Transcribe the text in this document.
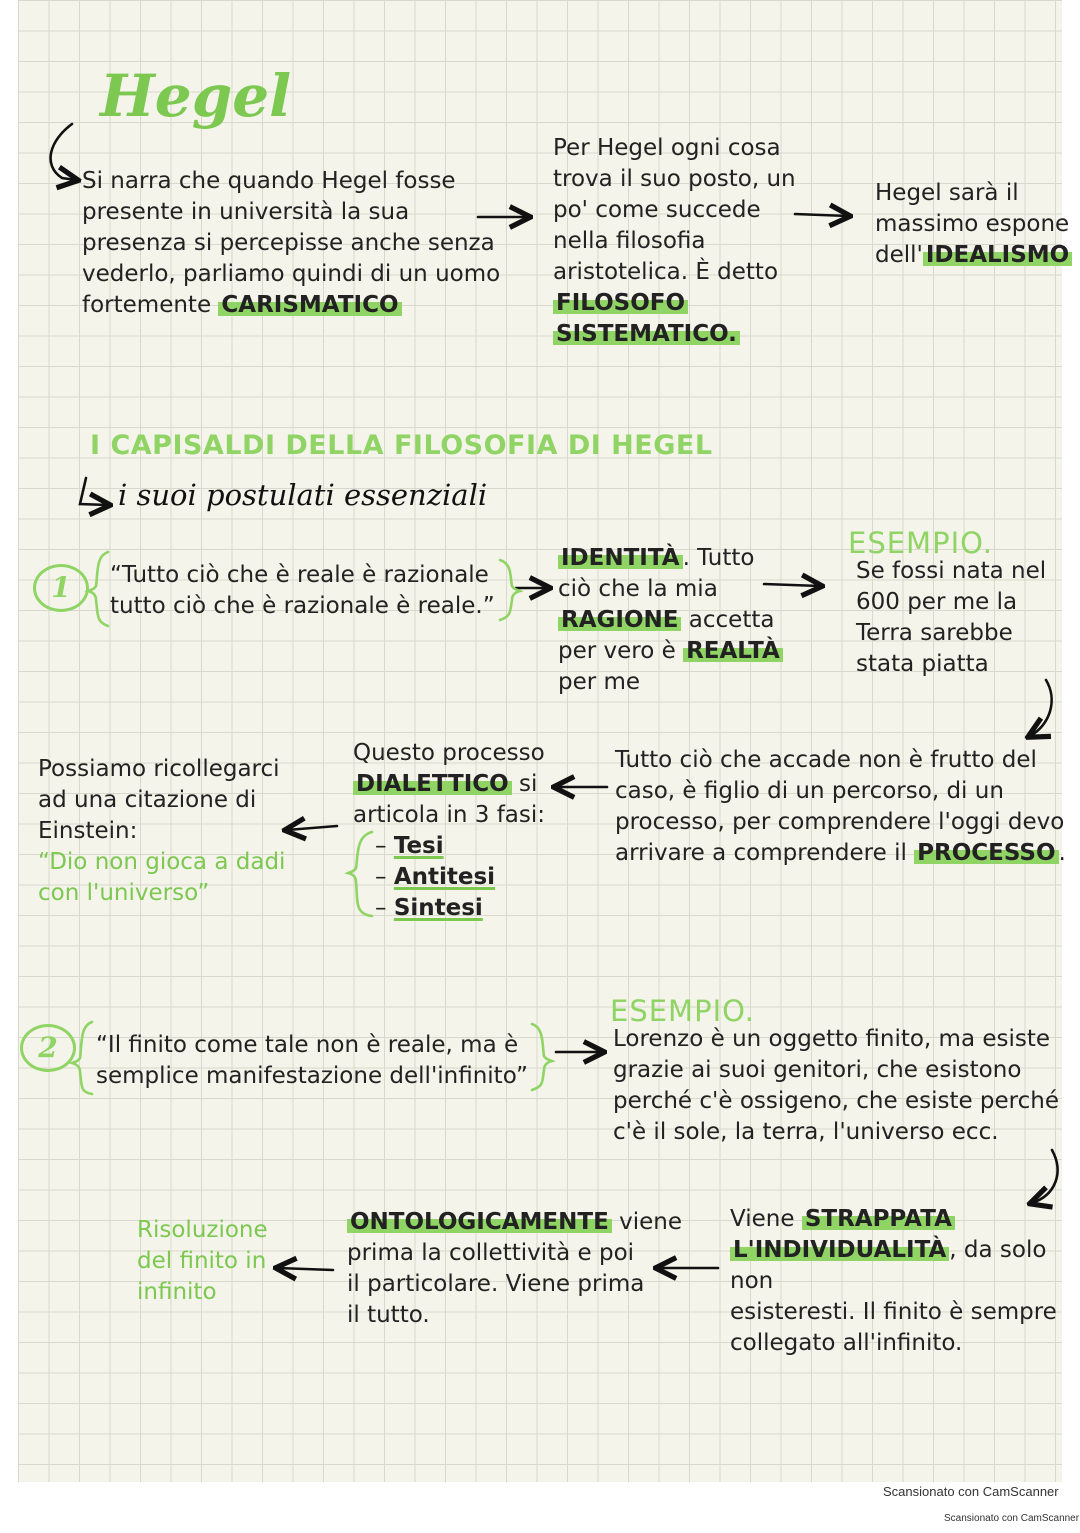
Hegel
Si narra che quando Hegel fosse
presente in università la sua
presenza si percepisse anche senza
vederlo, parliamo quindi di un uomo
fortemente CARISMATICO
Per Hegel ogni cosa
trova il suo posto, un
po' come succede
nella filosofia
aristotelica. È detto
FILOSOFO
SISTEMATICO.
Hegel sarà il
massimo espone
dell' IDEALISMO
I CAPISALDI DELLA FILOSOFIA DI HEGEL

i suoi postulati essenziali

1	“Tutto ciò che è reale è razionale
tutto ciò che è razionale è reale.”
IDENTITÀ . Tutto
ciò che la mia
RAGIONE accetta
per vero è REALTÀ
per me

ESEMPIO.

Se fossi nata nel
600 per me la
Terra sarebbe
stata piatta
Tutto ciò che accade non è frutto del
caso, è figlio di un percorso, di un
processo, per comprendere l'oggi devo
arrivare a comprendere il PROCESSO .
Questo processo
DIALETTICO si
articola in 3 fasi:
– Tesi
– Antitesi
– Sintesi
Possiamo ricollegarci
ad una citazione di
Einstein:
“Dio non gioca a dadi
con l'universo”
2	“Il finito come tale non è reale, ma è
semplice manifestazione dell'infinito”

ESEMPIO.

Lorenzo è un oggetto finito, ma esiste
grazie ai suoi genitori, che esistono
perché c'è ossigeno, che esiste perché
c'è il sole, la terra, l'universo ecc.
Viene STRAPPATA
L'INDIVIDUALITÀ , da solo non
esisteresti. Il finito è sempre
collegato all'infinito.
ONTOLOGICAMENTE viene
prima la collettività e poi
il particolare. Viene prima
il tutto.
Risoluzione
del finito in
infinito
Scansionato con CamScanner
Scansionato con CamScanner
